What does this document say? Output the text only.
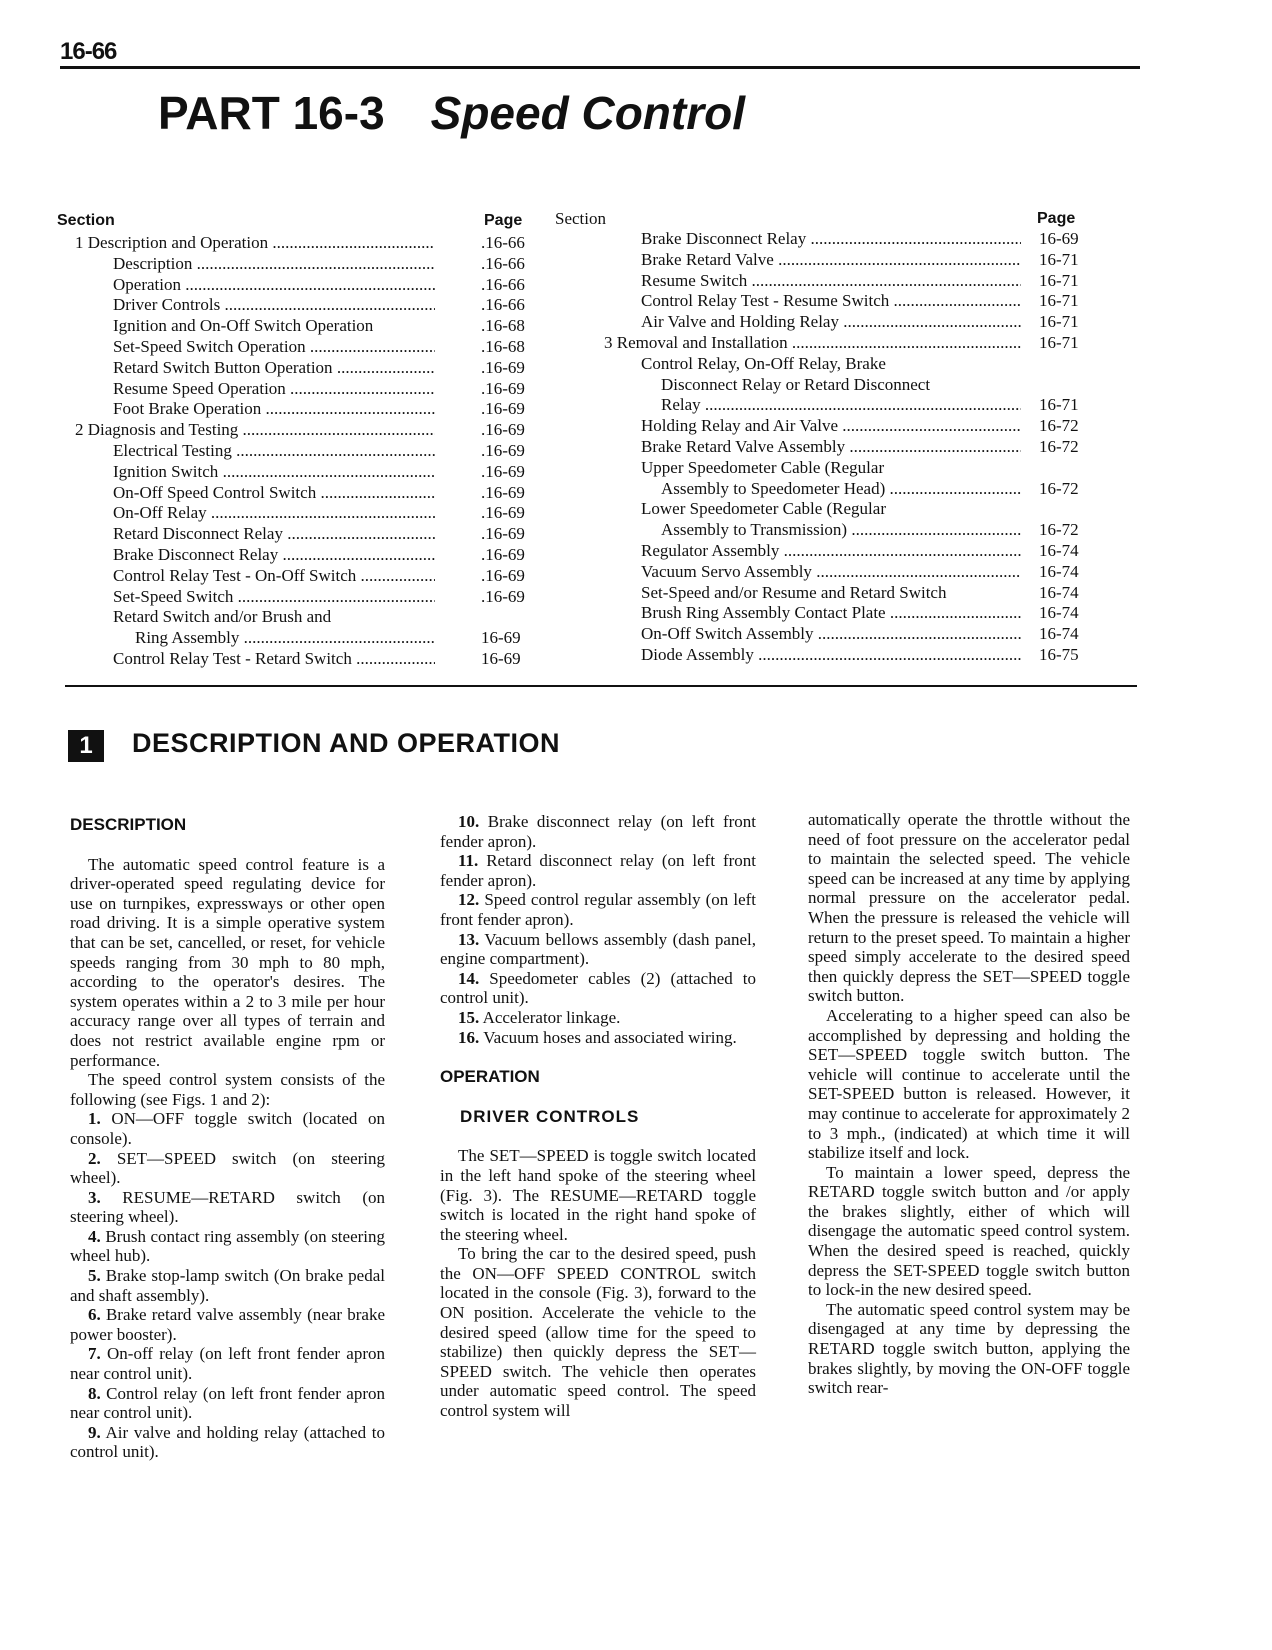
16-66
PART 16-3 Speed Control
Section	Page
1 Description and Operation .....	.16-66
Description .....	.16-66
Operation .....	.16-66
Driver Controls .....	.16-66
Ignition and On-Off Switch Operation	.16-68
Set-Speed Switch Operation .....	.16-68
Retard Switch Button Operation .....	.16-69
Resume Speed Operation .....	.16-69
Foot Brake Operation .....	.16-69
2 Diagnosis and Testing .....	.16-69
Electrical Testing .....	.16-69
Ignition Switch .....	.16-69
On-Off Speed Control Switch .....	.16-69
On-Off Relay .....	.16-69
Retard Disconnect Relay .....	.16-69
Brake Disconnect Relay .....	.16-69
Control Relay Test - On-Off Switch .....	.16-69
Set-Speed Switch .....	.16-69
Retard Switch and/or Brush and
Ring Assembly .....	16-69
Control Relay Test - Retard Switch .....	16-69
Section	Page
Brake Disconnect Relay .....	16-69
Brake Retard Valve .....	16-71
Resume Switch .....	16-71
Control Relay Test - Resume Switch .....	16-71
Air Valve and Holding Relay .....	16-71
3 Removal and Installation .....	16-71
Control Relay, On-Off Relay, Brake
Disconnect Relay or Retard Disconnect
Relay .....	16-71
Holding Relay and Air Valve .....	16-72
Brake Retard Valve Assembly .....	16-72
Upper Speedometer Cable (Regular
Assembly to Speedometer Head) .....	16-72
Lower Speedometer Cable (Regular
Assembly to Transmission) .....	16-72
Regulator Assembly .....	16-74
Vacuum Servo Assembly .....	16-74
Set-Speed and/or Resume and Retard Switch	16-74
Brush Ring Assembly Contact Plate .....	16-74
On-Off Switch Assembly .....	16-74
Diode Assembly .....	16-75
1	DESCRIPTION AND OPERATION
DESCRIPTION

The automatic speed control feature is a driver-operated speed regulating device for use on turnpikes, expressways or other open road driving. It is a simple operative system that can be set, cancelled, or reset, for vehicle speeds ranging from 30 mph to 80 mph, according to the operator's desires. The system operates within a 2 to 3 mile per hour accuracy range over all types of terrain and does not restrict available engine rpm or performance.

The speed control system consists of the following (see Figs. 1 and 2):

1. ON—OFF toggle switch (located on console).

2. SET—SPEED switch (on steering wheel).

3. RESUME—RETARD switch (on steering wheel).

4. Brush contact ring assembly (on steering wheel hub).

5. Brake stop-lamp switch (On brake pedal and shaft assembly).

6. Brake retard valve assembly (near brake power booster).

7. On-off relay (on left front fender apron near control unit).

8. Control relay (on left front fender apron near control unit).

9. Air valve and holding relay (attached to control unit).

10. Brake disconnect relay (on left front fender apron).

11. Retard disconnect relay (on left front fender apron).

12. Speed control regular assembly (on left front fender apron).

13. Vacuum bellows assembly (dash panel, engine compartment).

14. Speedometer cables (2) (attached to control unit).

15. Accelerator linkage.

16. Vacuum hoses and associated wiring.

OPERATION
DRIVER CONTROLS

The SET—SPEED is toggle switch located in the left hand spoke of the steering wheel (Fig. 3). The RESUME—RETARD toggle switch is located in the right hand spoke of the steering wheel.

To bring the car to the desired speed, push the ON—OFF SPEED CONTROL switch located in the console (Fig. 3), forward to the ON position. Accelerate the vehicle to the desired speed (allow time for the speed to stabilize) then quickly depress the SET—SPEED switch. The vehicle then operates under automatic speed control. The speed control system will

automatically operate the throttle without the need of foot pressure on the accelerator pedal to maintain the selected speed. The vehicle speed can be increased at any time by applying normal pressure on the accelerator pedal. When the pressure is released the vehicle will return to the preset speed. To maintain a higher speed simply accelerate to the desired speed then quickly depress the SET—SPEED toggle switch button.

Accelerating to a higher speed can also be accomplished by depressing and holding the SET—SPEED toggle switch button. The vehicle will continue to accelerate until the SET-SPEED button is released. However, it may continue to accelerate for approximately 2 to 3 mph., (indicated) at which time it will stabilize itself and lock.

To maintain a lower speed, depress the RETARD toggle switch button and /or apply the brakes slightly, either of which will disengage the automatic speed control system. When the desired speed is reached, quickly depress the SET-SPEED toggle switch button to lock-in the new desired speed.

The automatic speed control system may be disengaged at any time by depressing the RETARD toggle switch button, applying the brakes slightly, by moving the ON-OFF toggle switch rear-
